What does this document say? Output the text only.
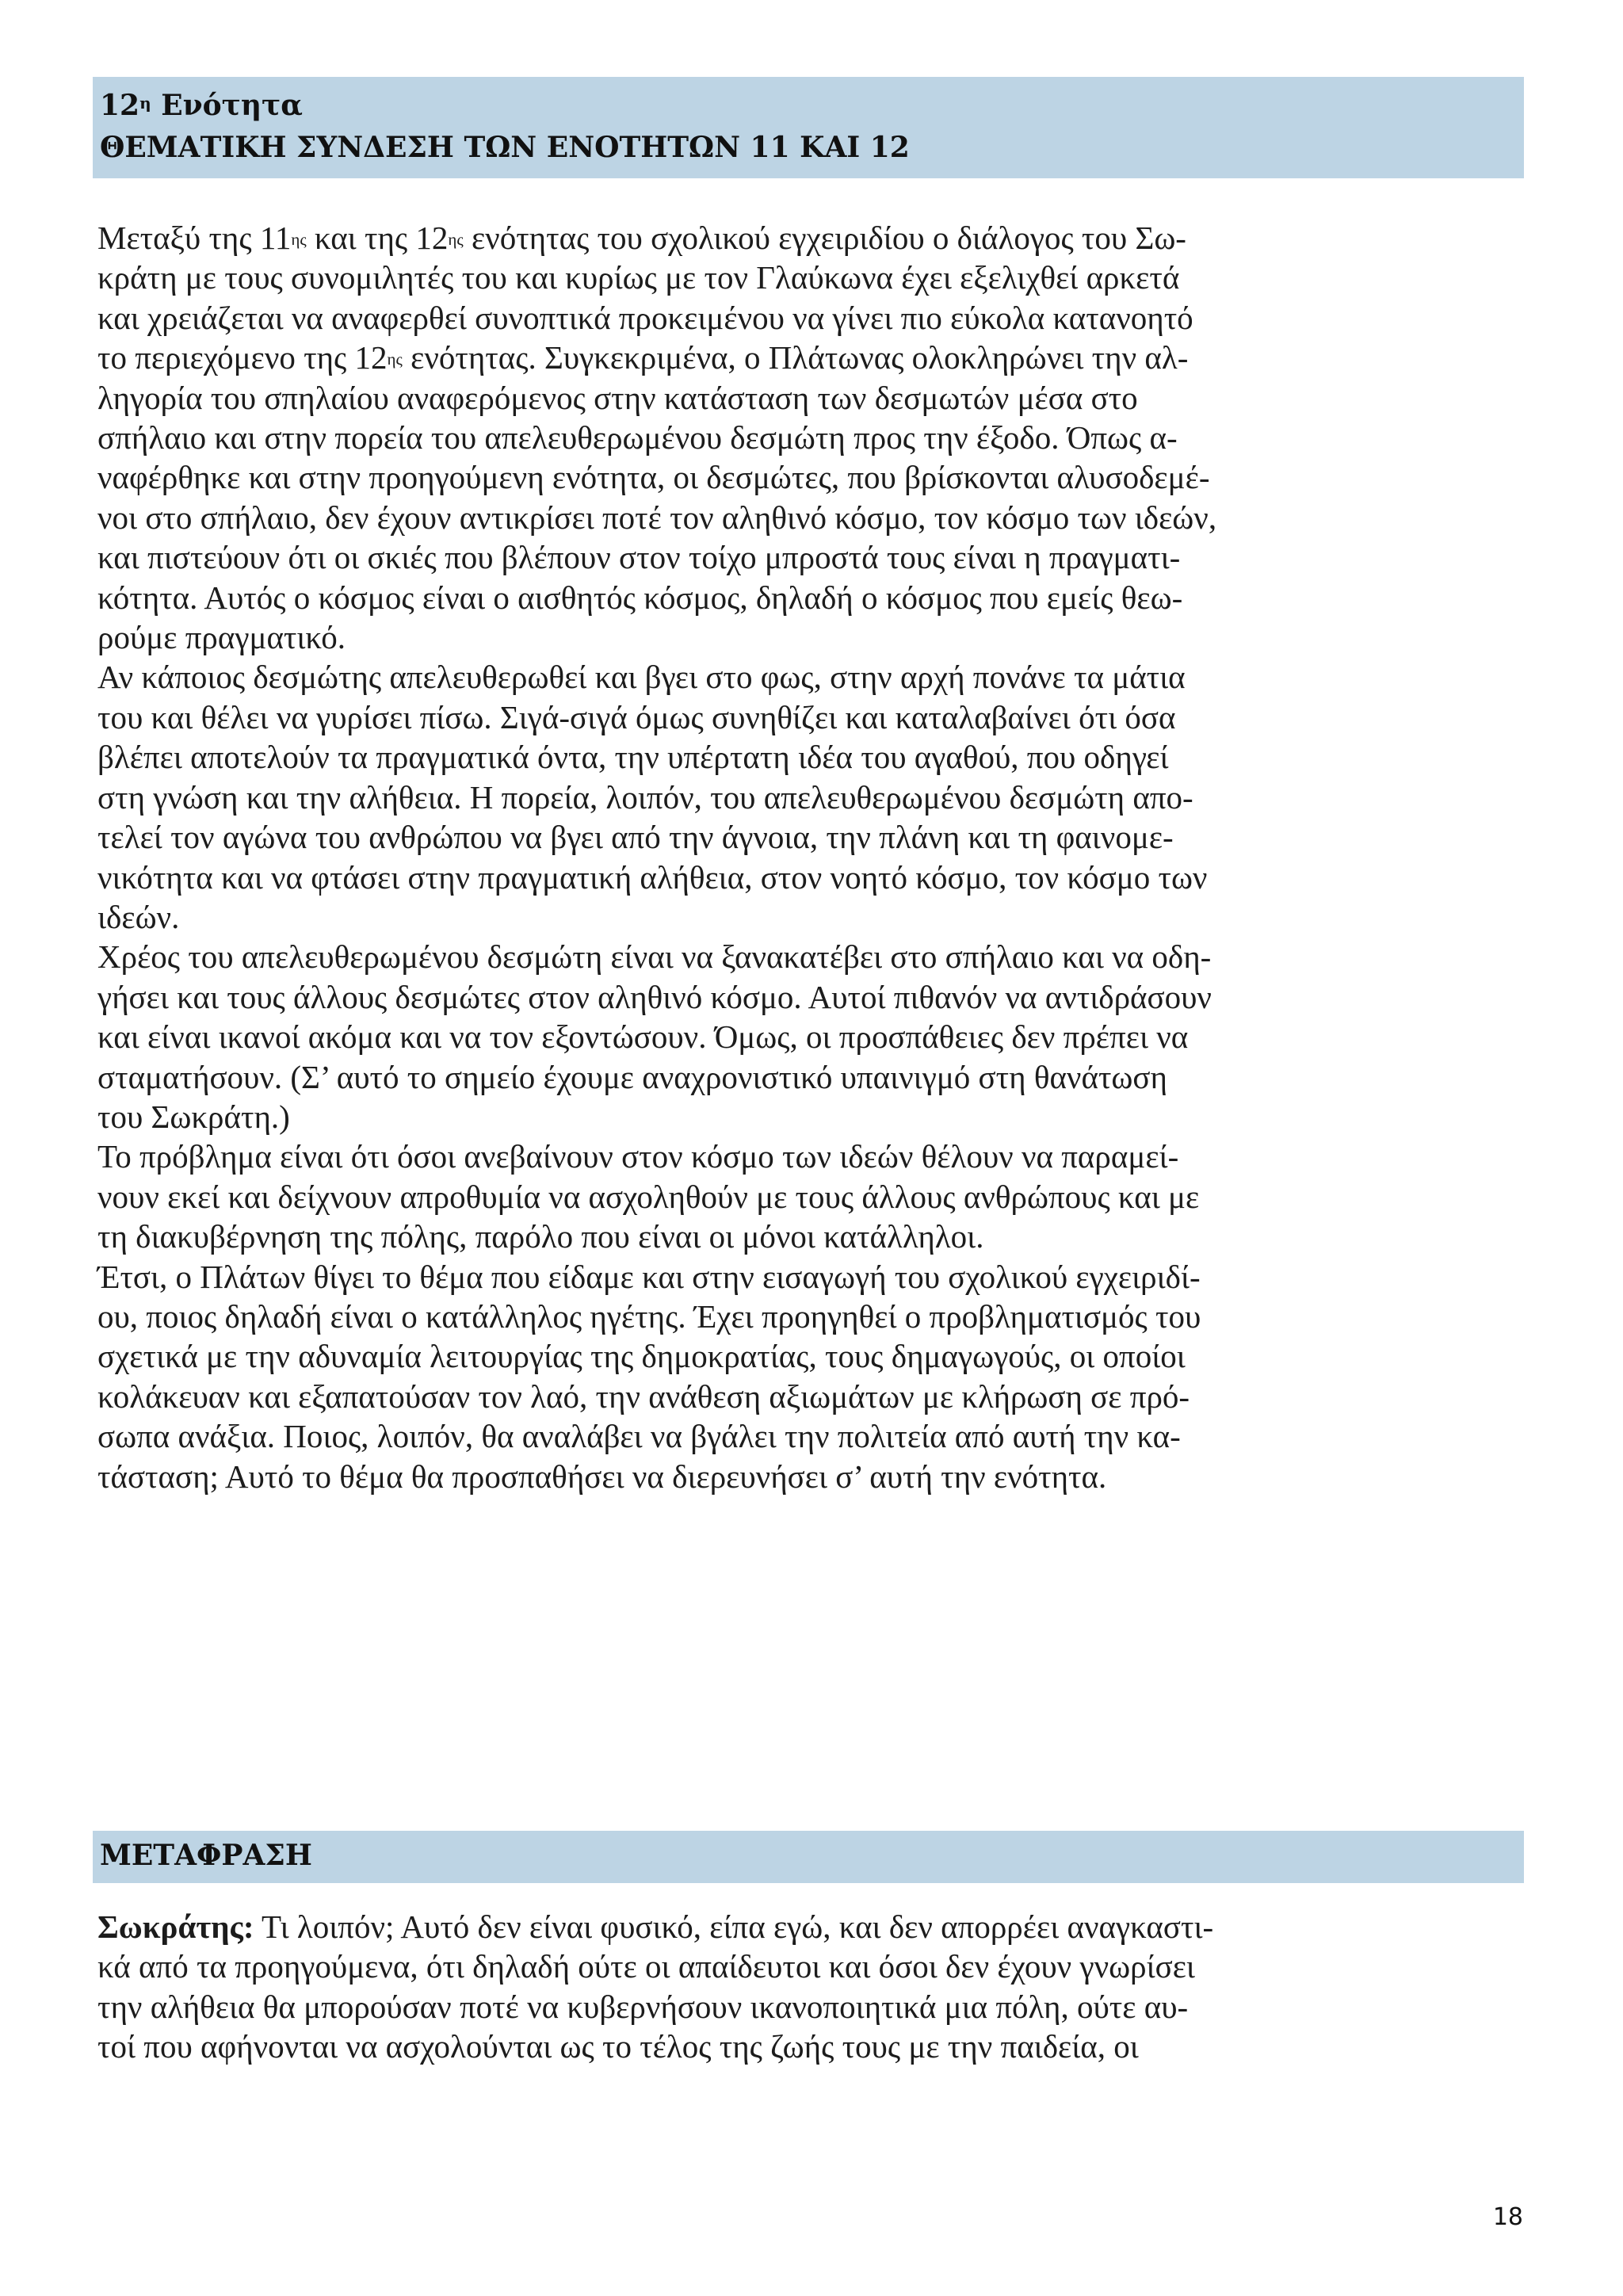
$12^\eta$ Ενότητα
ΘΕΜΑΤΙΚΗ ΣΥΝΔΕΣΗ ΤΩΝ ΕΝΟΤΗΤΩΝ 11 ΚΑΙ 12
Μεταξύ της $11^{\eta\varsigma}$ και της $12^{\eta\varsigma}$ ενότητας του σχολικού εγχειριδίου ο διάλογος του Σω-
κράτη με τους συνομιλητές του και κυρίως με τον Γλαύκωνα έχει εξελιχθεί αρκετά
και χρειάζεται να αναφερθεί συνοπτικά προκειμένου να γίνει πιο εύκολα κατανοητό
το περιεχόμενο της $12^{\eta\varsigma}$ ενότητας. Συγκεκριμένα, ο Πλάτωνας ολοκληρώνει την αλ-
ληγορία του σπηλαίου αναφερόμενος στην κατάσταση των δεσμωτών μέσα στο
σπήλαιο και στην πορεία του απελευθερωμένου δεσμώτη προς την έξοδο. Όπως α-
ναφέρθηκε και στην προηγούμενη ενότητα, οι δεσμώτες, που βρίσκονται αλυσοδεμέ-
νοι στο σπήλαιο, δεν έχουν αντικρίσει ποτέ τον αληθινό κόσμο, τον κόσμο των ιδεών,
και πιστεύουν ότι οι σκιές που βλέπουν στον τοίχο μπροστά τους είναι η πραγματι-
κότητα. Αυτός ο κόσμος είναι ο αισθητός κόσμος, δηλαδή ο κόσμος που εμείς θεω-
ρούμε πραγματικό.
Αν κάποιος δεσμώτης απελευθερωθεί και βγει στο φως, στην αρχή πονάνε τα μάτια
του και θέλει να γυρίσει πίσω. Σιγά-σιγά όμως συνηθίζει και καταλαβαίνει ότι όσα
βλέπει αποτελούν τα πραγματικά όντα, την υπέρτατη ιδέα του αγαθού, που οδηγεί
στη γνώση και την αλήθεια. Η πορεία, λοιπόν, του απελευθερωμένου δεσμώτη απο-
τελεί τον αγώνα του ανθρώπου να βγει από την άγνοια, την πλάνη και τη φαινομε-
νικότητα και να φτάσει στην πραγματική αλήθεια, στον νοητό κόσμο, τον κόσμο των
ιδεών.
Χρέος του απελευθερωμένου δεσμώτη είναι να ξανακατέβει στο σπήλαιο και να οδη-
γήσει και τους άλλους δεσμώτες στον αληθινό κόσμο. Αυτοί πιθανόν να αντιδράσουν
και είναι ικανοί ακόμα και να τον εξοντώσουν. Όμως, οι προσπάθειες δεν πρέπει να
σταματήσουν. (Σ’ αυτό το σημείο έχουμε αναχρονιστικό υπαινιγμό στη θανάτωση
του Σωκράτη.)
Το πρόβλημα είναι ότι όσοι ανεβαίνουν στον κόσμο των ιδεών θέλουν να παραμεί-
νουν εκεί και δείχνουν απροθυμία να ασχοληθούν με τους άλλους ανθρώπους και με
τη διακυβέρνηση της πόλης, παρόλο που είναι οι μόνοι κατάλληλοι.
Έτσι, ο Πλάτων θίγει το θέμα που είδαμε και στην εισαγωγή του σχολικού εγχειριδί-
ου, ποιος δηλαδή είναι ο κατάλληλος ηγέτης. Έχει προηγηθεί ο προβληματισμός του
σχετικά με την αδυναμία λειτουργίας της δημοκρατίας, τους δημαγωγούς, οι οποίοι
κολάκευαν και εξαπατούσαν τον λαό, την ανάθεση αξιωμάτων με κλήρωση σε πρό-
σωπα ανάξια. Ποιος, λοιπόν, θα αναλάβει να βγάλει την πολιτεία από αυτή την κα-
τάσταση; Αυτό το θέμα θα προσπαθήσει να διερευνήσει σ’ αυτή την ενότητα.
ΜΕΤΑΦΡΑΣΗ
Σωκράτης: Τι λοιπόν; Αυτό δεν είναι φυσικό, είπα εγώ, και δεν απορρέει αναγκαστι-
κά από τα προηγούμενα, ότι δηλαδή ούτε οι απαίδευτοι και όσοι δεν έχουν γνωρίσει
την αλήθεια θα μπορούσαν ποτέ να κυβερνήσουν ικανοποιητικά μια πόλη, ούτε αυ-
τοί που αφήνονται να ασχολούνται ως το τέλος της ζωής τους με την παιδεία, οι
18
